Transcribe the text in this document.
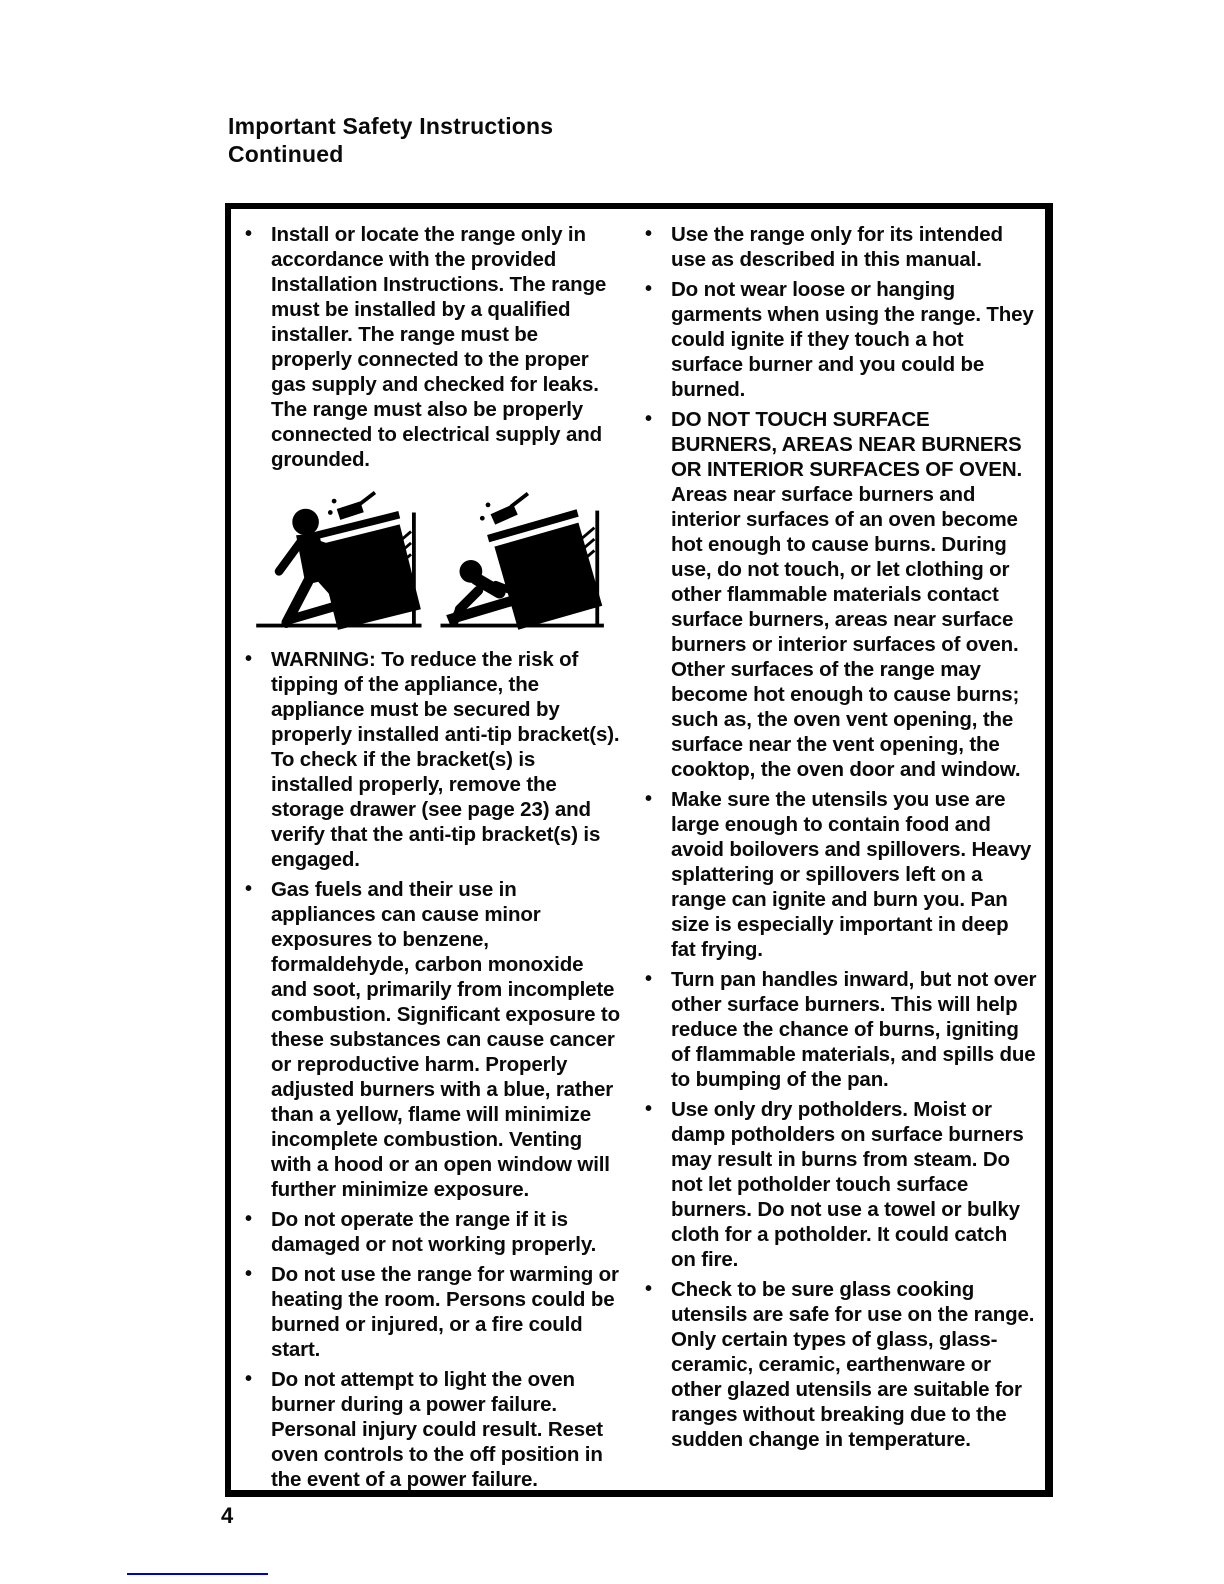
Important Safety Instructions
Continued
• Install or locate the range only in accordance with the provided Installation Instructions. The range must be installed by a qualified installer. The range must be properly connected to the proper gas supply and checked for leaks. The range must also be properly connected to electrical supply and grounded.
• WARNING: To reduce the risk of tipping of the appliance, the appliance must be secured by properly installed anti-tip bracket(s). To check if the bracket(s) is installed properly, remove the storage drawer (see page 23) and verify that the anti-tip bracket(s) is engaged.
• Gas fuels and their use in appliances can cause minor exposures to benzene, formaldehyde, carbon monoxide and soot, primarily from incomplete combustion. Significant exposure to these substances can cause cancer or reproductive harm. Properly adjusted burners with a blue, rather than a yellow, flame will minimize incomplete combustion. Venting with a hood or an open window will further minimize exposure.
• Do not operate the range if it is damaged or not working properly.
• Do not use the range for warming or heating the room. Persons could be burned or injured, or a fire could start.
• Do not attempt to light the oven burner during a power failure. Personal injury could result. Reset oven controls to the off position in the event of a power failure.
• Use the range only for its intended use as described in this manual.
• Do not wear loose or hanging garments when using the range. They could ignite if they touch a hot surface burner and you could be burned.
• DO NOT TOUCH SURFACE BURNERS, AREAS NEAR BURNERS OR INTERIOR SURFACES OF OVEN. Areas near surface burners and interior surfaces of an oven become hot enough to cause burns. During use, do not touch, or let clothing or other flammable materials contact surface burners, areas near surface burners or interior surfaces of oven. Other surfaces of the range may become hot enough to cause burns; such as, the oven vent opening, the surface near the vent opening, the cooktop, the oven door and window.
• Make sure the utensils you use are large enough to contain food and avoid boilovers and spillovers. Heavy splattering or spillovers left on a range can ignite and burn you. Pan size is especially important in deep fat frying.
• Turn pan handles inward, but not over other surface burners. This will help reduce the chance of burns, igniting of flammable materials, and spills due to bumping of the pan.
• Use only dry potholders. Moist or damp potholders on surface burners may result in burns from steam. Do not let potholder touch surface burners. Do not use a towel or bulky cloth for a potholder. It could catch on fire.
• Check to be sure glass cooking utensils are safe for use on the range. Only certain types of glass, glass-ceramic, ceramic, earthenware or other glazed utensils are suitable for ranges without breaking due to the sudden change in temperature.
4
